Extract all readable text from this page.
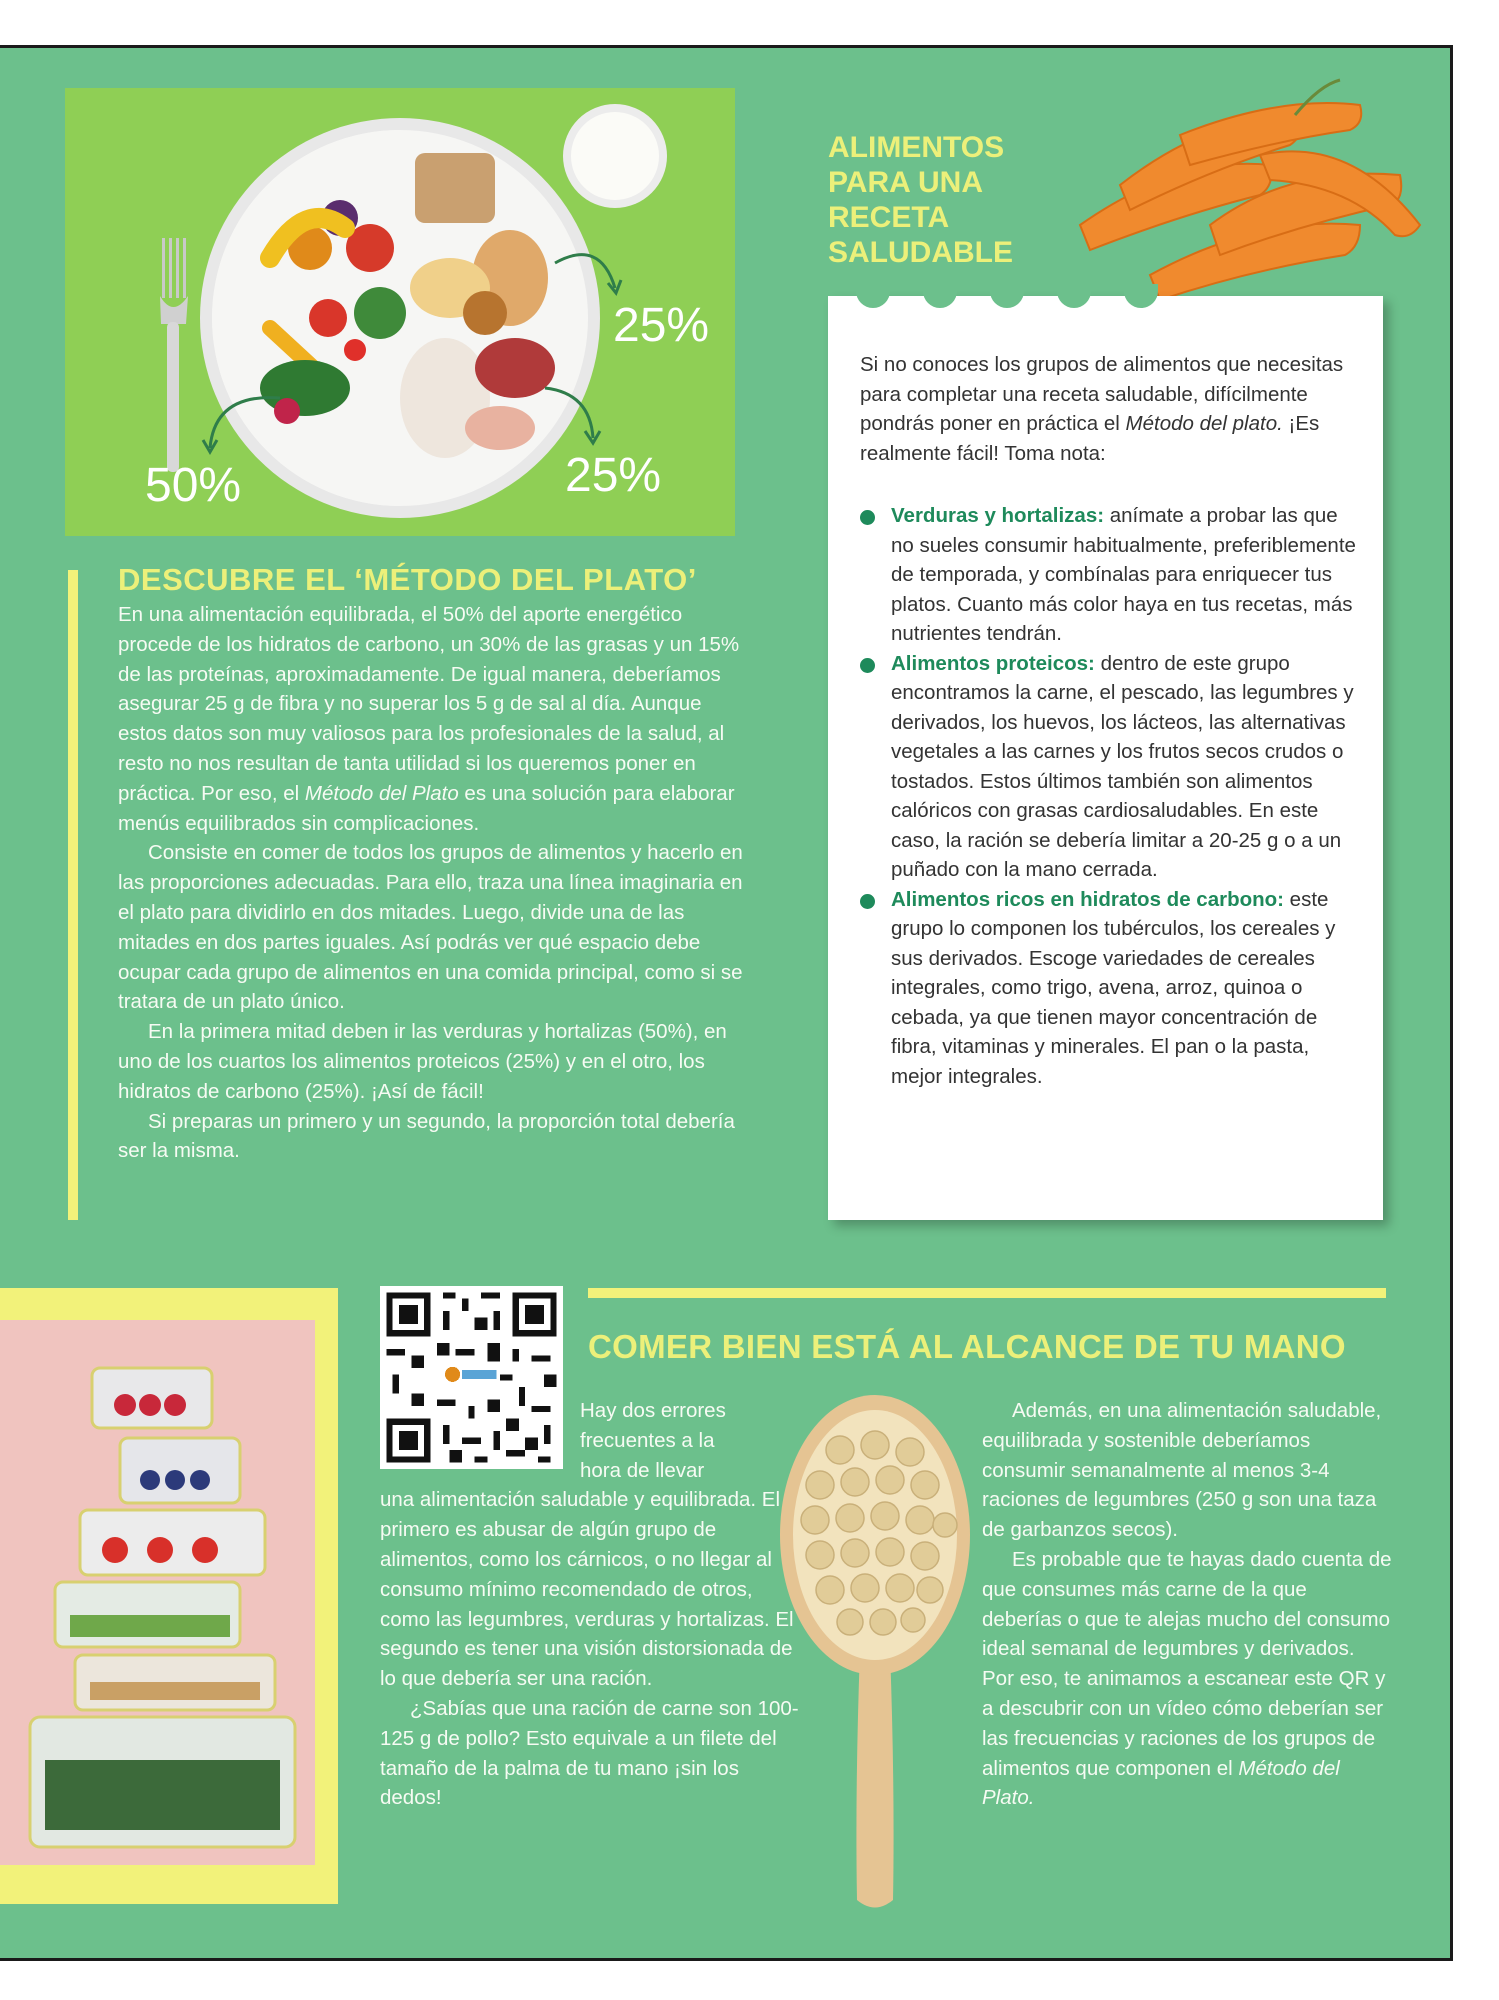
25%
25%
50%
DESCUBRE EL ‘MÉTODO DEL PLATO’

En una alimentación equilibrada, el 50% del aporte energético procede de los hidratos de carbono, un 30% de las grasas y un 15% de las proteínas, aproximadamente. De igual manera, deberíamos asegurar 25 g de fibra y no superar los 5 g de sal al día. Aunque estos datos son muy valiosos para los profesionales de la salud, al resto no nos resultan de tanta utilidad si los queremos poner en práctica. Por eso, el Método del Plato es una solución para elaborar menús equilibrados sin complicaciones.

Consiste en comer de todos los grupos de alimentos y hacerlo en las proporciones adecuadas. Para ello, traza una línea imaginaria en el plato para dividirlo en dos mitades. Luego, divide una de las mitades en dos partes iguales. Así podrás ver qué espacio debe ocupar cada grupo de alimentos en una comida principal, como si se tratara de un plato único.

En la primera mitad deben ir las verduras y hortalizas (50%), en uno de los cuartos los alimentos proteicos (25%) y en el otro, los hidratos de carbono (25%). ¡Así de fácil!

Si preparas un primero y un segundo, la proporción total debería ser la misma.

ALIMENTOS
PARA UNA
RECETA
SALUDABLE
Si no conoces los grupos de alimentos que necesitas para completar una receta saludable, difícilmente pondrás poner en práctica el Método del plato. ¡Es realmente fácil! Toma nota:
Verduras y hortalizas: anímate a probar las que no sueles consumir habitualmente, preferiblemente de temporada, y combínalas para enriquecer tus platos. Cuanto más color haya en tus recetas, más nutrientes tendrán.
Alimentos proteicos: dentro de este grupo encontramos la carne, el pescado, las legumbres y derivados, los huevos, los lácteos, las alternativas vegetales a las carnes y los frutos secos crudos o tostados. Estos últimos también son alimentos calóricos con grasas cardiosaludables. En este caso, la ración se debería limitar a 20-25 g o a un puñado con la mano cerrada.
Alimentos ricos en hidratos de carbono: este grupo lo componen los tubérculos, los cereales y sus derivados. Escoge variedades de cereales integrales, como trigo, avena, arroz, quinoa o cebada, ya que tienen mayor concentración de fibra, vitaminas y minerales. El pan o la pasta, mejor integrales.
COMER BIEN ESTÁ AL ALCANCE DE TU MANO
Hay dos errores
frecuentes a la
hora de llevar

una alimentación saludable y equilibrada. El primero es abusar de algún grupo de alimentos, como los cárnicos, o no llegar al consumo mínimo recomendado de otros, como las legumbres, verduras y hortalizas. El segundo es tener una visión distorsionada de lo que debería ser una ración.

¿Sabías que una ración de carne son 100-125 g de pollo? Esto equivale a un filete del tamaño de la palma de tu mano ¡sin los dedos!

Además, en una alimentación saludable, equilibrada y sostenible deberíamos consumir semanalmente al menos 3-4 raciones de legumbres (250 g son una taza de garbanzos secos).

Es probable que te hayas dado cuenta de que consumes más carne de la que deberías o que te alejas mucho del consumo ideal semanal de legumbres y derivados. Por eso, te animamos a escanear este QR y a descubrir con un vídeo cómo deberían ser las frecuencias y raciones de los grupos de alimentos que componen el Método del Plato.
